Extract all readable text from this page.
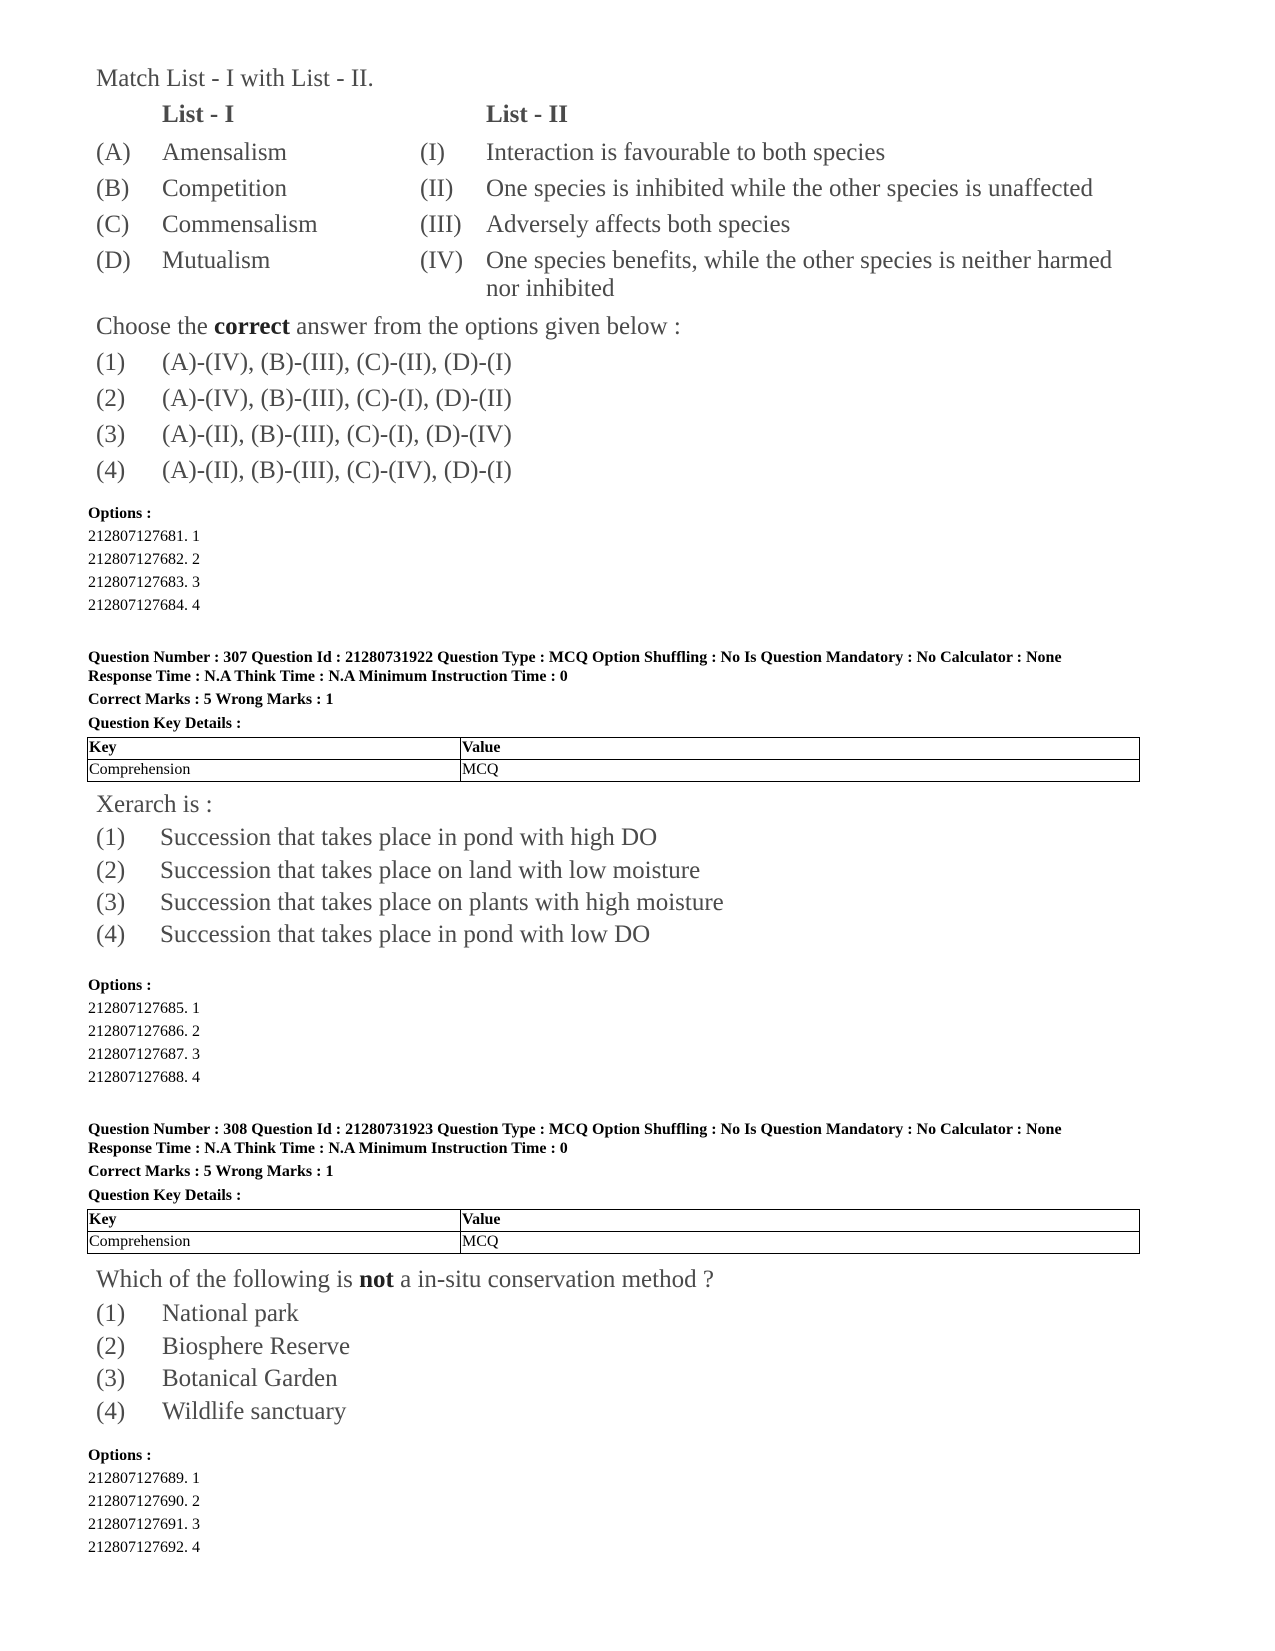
Match List - I with List - II.
List - I	List - II
(A) Amensalism	(I) Interaction is favourable to both species
(B) Competition	(II) One species is inhibited while the other species is unaffected
(C) Commensalism	(III) Adversely affects both species
(D) Mutualism	(IV) One species benefits, while the other species is neither harmed
nor inhibited
Choose the correct answer from the options given below :
(1) (A)-(IV), (B)-(III), (C)-(II), (D)-(I)
(2) (A)-(IV), (B)-(III), (C)-(I), (D)-(II)
(3) (A)-(II), (B)-(III), (C)-(I), (D)-(IV)
(4) (A)-(II), (B)-(III), (C)-(IV), (D)-(I)
Options :
212807127681. 1
212807127682. 2
212807127683. 3
212807127684. 4
Question Number : 307 Question Id : 21280731922 Question Type : MCQ Option Shuffling : No Is Question Mandatory : No Calculator : None
Response Time : N.A Think Time : N.A Minimum Instruction Time : 0
Correct Marks : 5 Wrong Marks : 1
Question Key Details :
Key	Value
Comprehension	MCQ
Xerarch is :
(1) Succession that takes place in pond with high DO
(2) Succession that takes place on land with low moisture
(3) Succession that takes place on plants with high moisture
(4) Succession that takes place in pond with low DO
Options :
212807127685. 1
212807127686. 2
212807127687. 3
212807127688. 4
Question Number : 308 Question Id : 21280731923 Question Type : MCQ Option Shuffling : No Is Question Mandatory : No Calculator : None
Response Time : N.A Think Time : N.A Minimum Instruction Time : 0
Correct Marks : 5 Wrong Marks : 1
Question Key Details :
Key	Value
Comprehension	MCQ
Which of the following is not a in-situ conservation method ?
(1) National park
(2) Biosphere Reserve
(3) Botanical Garden
(4) Wildlife sanctuary
Options :
212807127689. 1
212807127690. 2
212807127691. 3
212807127692. 4
